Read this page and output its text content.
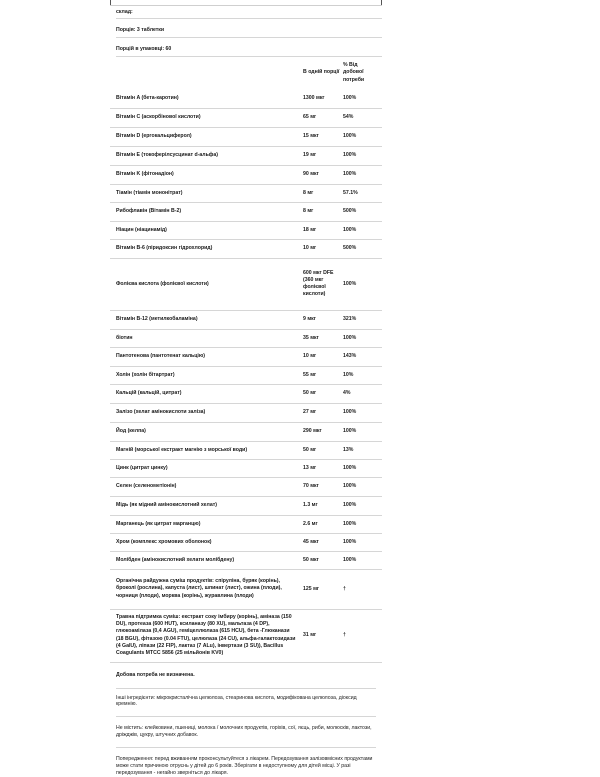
склад:
Порція: 3 таблетки
Порцій в упаковці: 60
	В одній порції	% Від добової потреби
Вітамін A (бета-каротин)	1300 мкг	100%
Вітамін C (аскорбінової кислоти)	65 мг	54%
Вітамін D (ергокальциферол)	15 мкг	100%
Вітамін E (токоферілсусцинат d-альфа)	19 мг	100%
Вітамін K (фітонадіон)	90 мкг	100%
Тіамін (тіамін мононітрат)	8 мг	57.1%
Рибофлавін (Вітамін B-2)	8 мг	500%
Ніацин (ніацинамід)	18 мг	100%
Вітамін B-6 (піридоксин гідрохлорид)	10 мг	500%
Фолієва кислота (фолієвої кислоти)	600 мкг DFE (360 мкг фолієвої кислоти)	100%
Вітамін B-12 (метилкобаламіна)	9 мкг	321%
біотин	35 мкг	100%
Пантотенова (пантотенат кальцію)	10 мг	143%
Холін (холін бітартрат)	55 мг	10%
Кальцій (кальцій, цитрат)	50 мг	4%
Залізо (хелат амінокислоти заліза)	27 мг	100%
Йод (келпа)	290 мкг	100%
Магній (морської екстракт магнію з морської води)	50 мг	13%
Цинк (цитрат цинку)	13 мг	100%
Селен (селенометіонін)	70 мкг	100%
Мідь (як мідний амінокислотний хелат)	1.3 мг	100%
Марганець (як цитрат марганцю)	2.6 мг	100%
Хром (комплекс хромових оболонок)	45 мкг	100%
Молібден (амінокислотний хелати молібдену)	50 мкг	100%
Органічна райдужна суміш продуктів: спіруліна, буряк (корінь), броколі (рослина), капуста (лист), шпинат (лист), ожина (плоди), чорниця (плоди), морква (корінь), журавлина (плоди)	125 мг	†
Травна підтримка суміш: екстракт соку імбиру (корінь), аміназа (150 DU), протеаза (600 HUT), ксиланазу (80 XU), мальтаза (4 DP), глюкоамілаза (0,4 AGU), геміцеллюлаза (615 HCU), бета -Глюканази (18 BGU), фітазою (0.04 FTU), целюлаза (24 CU), альфа-галактозидази (4 GalU), ліпази (22 FIP), лактаз (7 ALu), інвертази (3 SU)), Bacillus Coagulants MTCC 5856 (25 мільйонів KV0)	31 мг	†

Добова потреба не визначена.

Інші інгредієнти: мікрокристалічна целюлоза, стеаринова кислота, модифікована целюлоза, діоксид кремнію.

Не містить: клейковини, пшениці, молока / молочних продуктів, горіхів, сої, яєць, риби, молюсків, лактози, дріжджів, цукру, штучних добавок.

Попередження: перед вживанням проконсультуйтеся з лікарем. Передозування залізовмісних продуктами може стати причиною отруєнь у дітей до 6 років. Зберігати в недоступному для дітей місці. У разі передозування - негайно зверніться до лікаря.
